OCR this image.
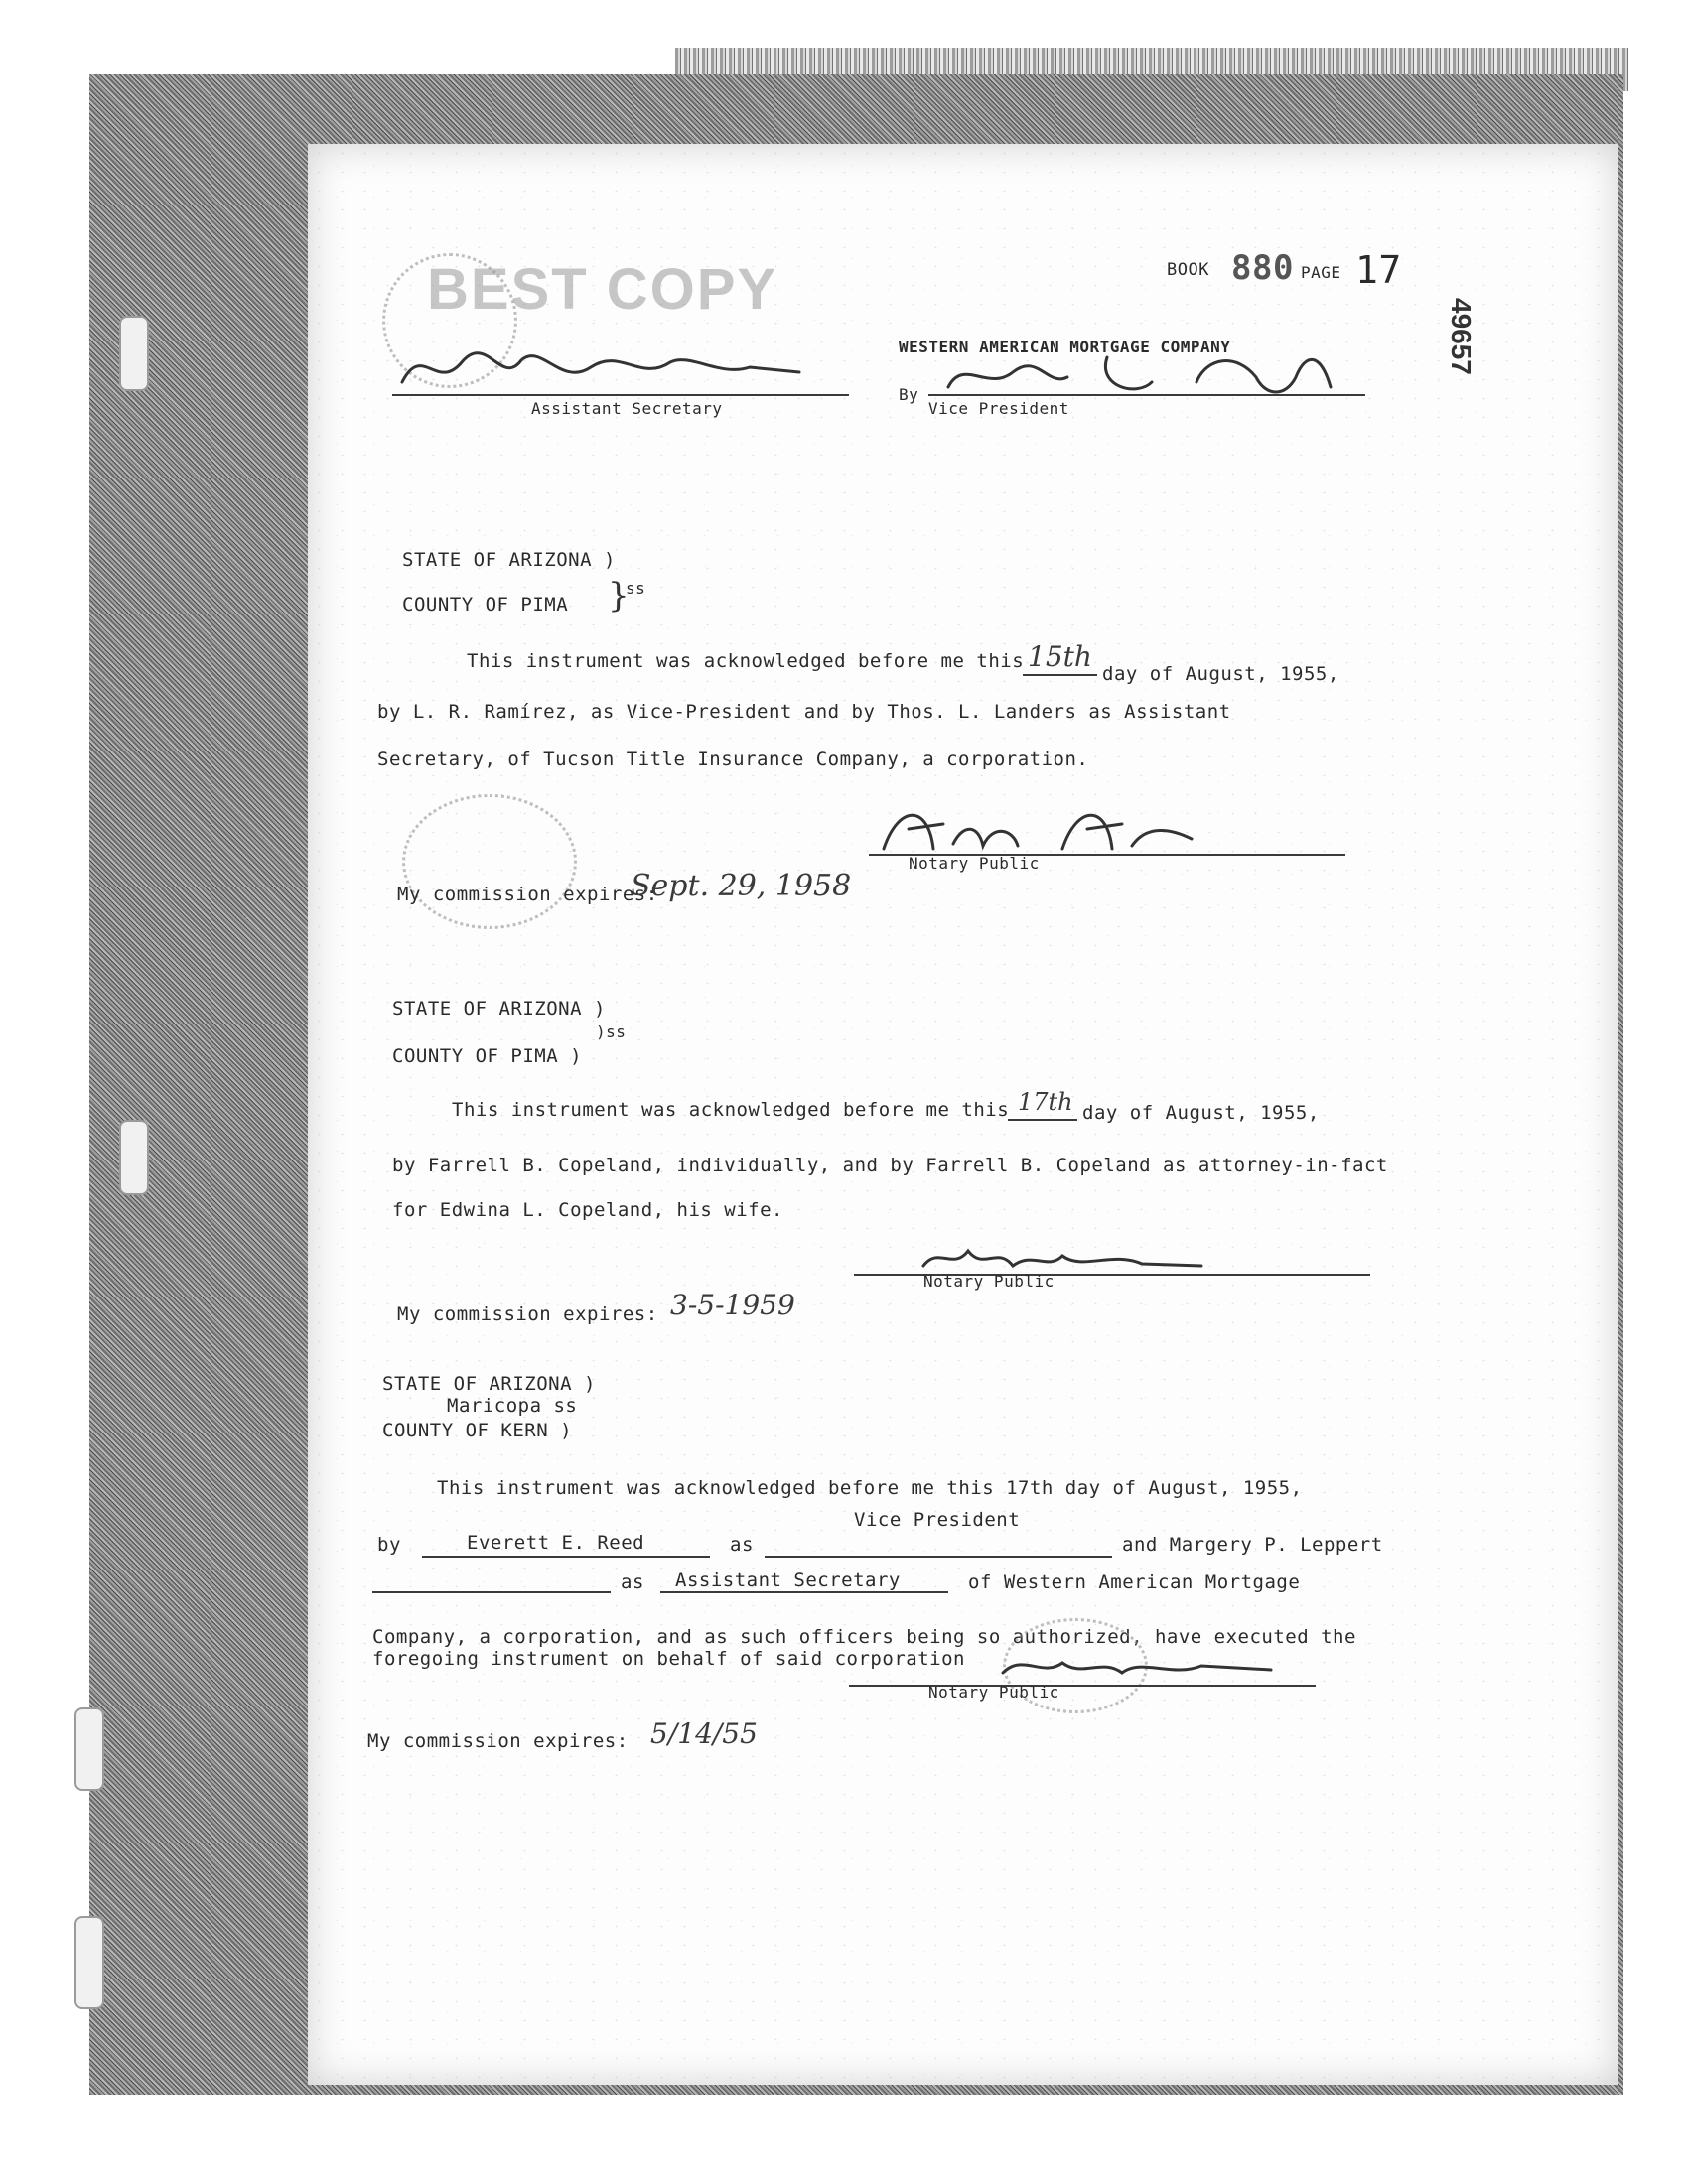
BEST COPY	BOOK 880 PAGE 17
49657
Assistant Secretary
WESTERN AMERICAN MORTGAGE COMPANY
By
Vice President
STATE OF ARIZONA )
COUNTY OF PIMA }
ss
This instrument was acknowledged before me this 15th
day of August, 1955,
by L. R. Ramírez, as Vice-President and by Thos. L. Landers as Assistant
Secretary, of Tucson Title Insurance Company, a corporation.
Notary Public
My commission expires:
Sept. 29, 1958
STATE OF ARIZONA )
)ss
COUNTY OF PIMA )
This instrument was acknowledged before me this 17th day of August, 1955,
by Farrell B. Copeland, individually, and by Farrell B. Copeland as attorney-in-fact
for Edwina L. Copeland, his wife.
Notary Public
My commission expires: 3-5-1959
STATE OF ARIZONA )
Maricopa ss
COUNTY OF KERN )
This instrument was acknowledged before me this 17th day of August, 1955,
by	Everett E. Reed	as
Vice President
and Margery P. Leppert
as Assistant Secretary	of Western American Mortgage
Company, a corporation, and as such officers being so authorized, have executed the
foregoing instrument on behalf of said corporation
Notary Public
My commission expires: 5/14/55
